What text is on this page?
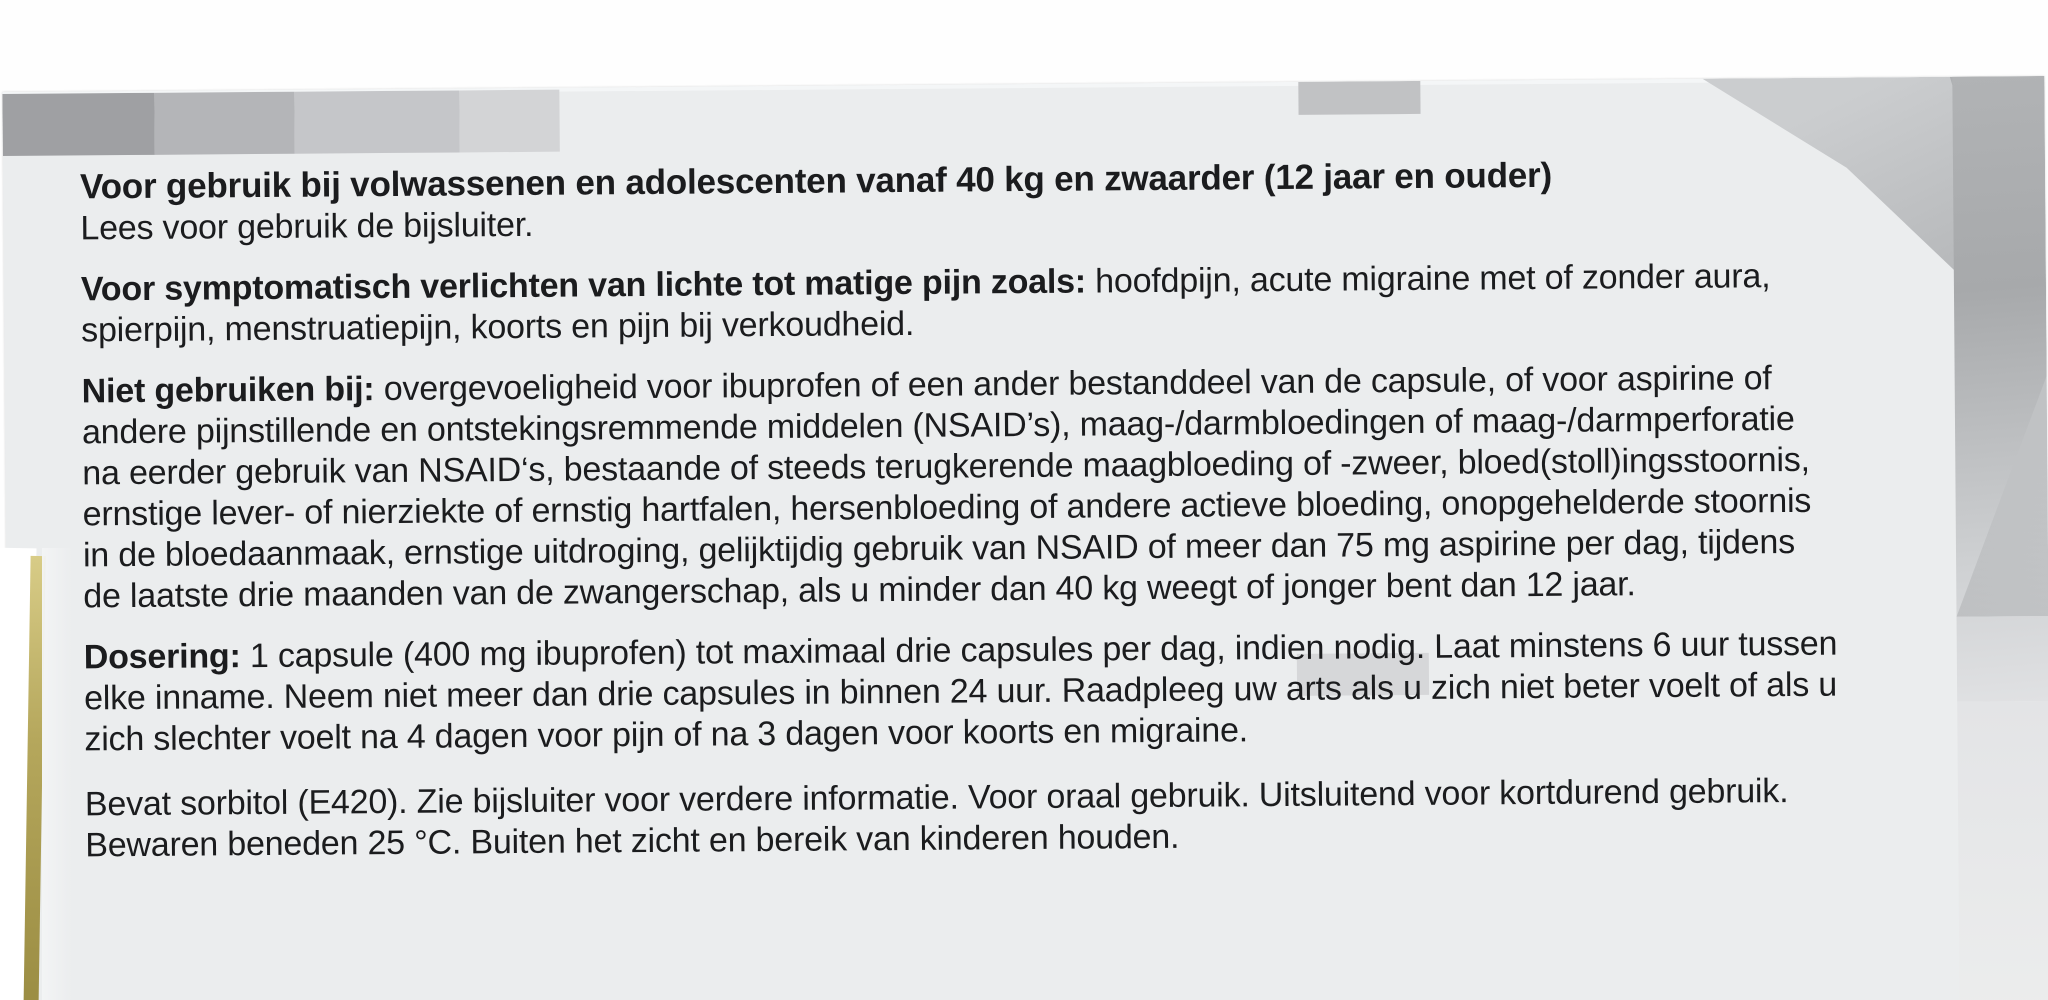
Voor gebruik bij volwassenen en adolescenten vanaf 40 kg en zwaarder (12 jaar en ouder)
Lees voor gebruik de bijsluiter.
Voor symptomatisch verlichten van lichte tot matige pijn zoals: hoofdpijn, acute migraine met of zonder aura,
spierpijn, menstruatiepijn, koorts en pijn bij verkoudheid.
Niet gebruiken bij: overgevoeligheid voor ibuprofen of een ander bestanddeel van de capsule, of voor aspirine of
andere pijnstillende en ontstekingsremmende middelen (NSAID’s), maag-/darmbloedingen of maag-/darmperforatie
na eerder gebruik van NSAID‘s, bestaande of steeds terugkerende maagbloeding of -zweer, bloed(stoll)ingsstoornis,
ernstige lever- of nierziekte of ernstig hartfalen, hersenbloeding of andere actieve bloeding, onopgehelderde stoornis
in de bloedaanmaak, ernstige uitdroging, gelijktijdig gebruik van NSAID of meer dan 75 mg aspirine per dag, tijdens
de laatste drie maanden van de zwangerschap, als u minder dan 40 kg weegt of jonger bent dan 12 jaar.
Dosering: 1 capsule (400 mg ibuprofen) tot maximaal drie capsules per dag, indien nodig. Laat minstens 6 uur tussen
elke inname. Neem niet meer dan drie capsules in binnen 24 uur. Raadpleeg uw arts als u zich niet beter voelt of als u
zich slechter voelt na 4 dagen voor pijn of na 3 dagen voor koorts en migraine.
Bevat sorbitol (E420). Zie bijsluiter voor verdere informatie. Voor oraal gebruik. Uitsluitend voor kortdurend gebruik.
Bewaren beneden 25 °C. Buiten het zicht en bereik van kinderen houden.
